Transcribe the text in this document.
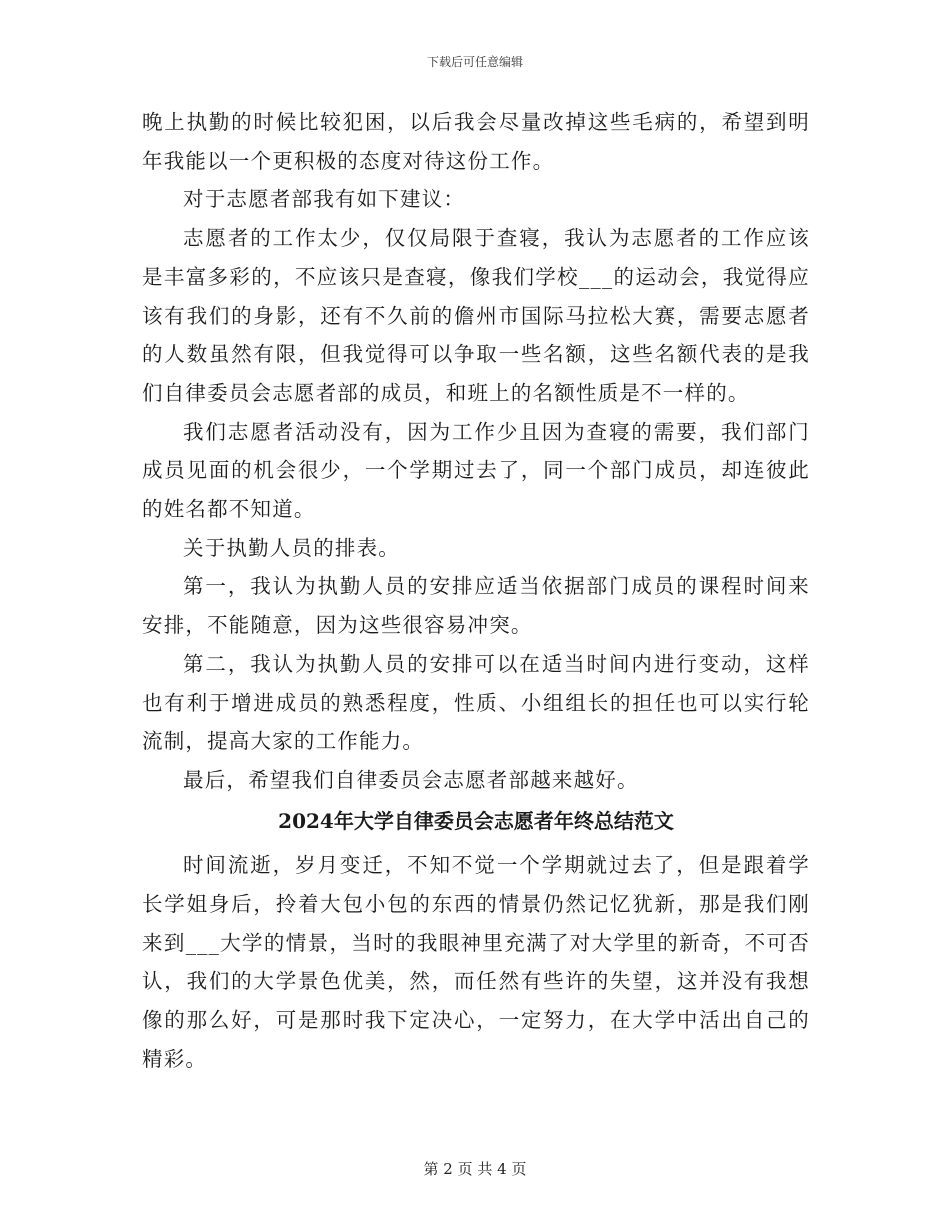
下载后可任意编辑

晚上执勤的时候比较犯困，以后我会尽量改掉这些毛病的，希望到明年我能以一个更积极的态度对待这份工作。

对于志愿者部我有如下建议：

志愿者的工作太少，仅仅局限于查寝，我认为志愿者的工作应该是丰富多彩的，不应该只是查寝，像我们学校___的运动会，我觉得应该有我们的身影，还有不久前的儋州市国际马拉松大赛，需要志愿者的人数虽然有限，但我觉得可以争取一些名额，这些名额代表的是我们自律委员会志愿者部的成员，和班上的名额性质是不一样的。

我们志愿者活动没有，因为工作少且因为查寝的需要，我们部门成员见面的机会很少，一个学期过去了，同一个部门成员，却连彼此的姓名都不知道。

关于执勤人员的排表。

第一，我认为执勤人员的安排应适当依据部门成员的课程时间来安排，不能随意，因为这些很容易冲突。

第二，我认为执勤人员的安排可以在适当时间内进行变动，这样也有利于增进成员的熟悉程度，性质、小组组长的担任也可以实行轮流制，提高大家的工作能力。

最后，希望我们自律委员会志愿者部越来越好。

2024年大学自律委员会志愿者年终总结范文

时间流逝，岁月变迁，不知不觉一个学期就过去了，但是跟着学长学姐身后，拎着大包小包的东西的情景仍然记忆犹新，那是我们刚来到___大学的情景，当时的我眼神里充满了对大学里的新奇，不可否认，我们的大学景色优美，然，而任然有些许的失望，这并没有我想像的那么好，可是那时我下定决心，一定努力，在大学中活出自己的精彩。

第 2 页 共 4 页
